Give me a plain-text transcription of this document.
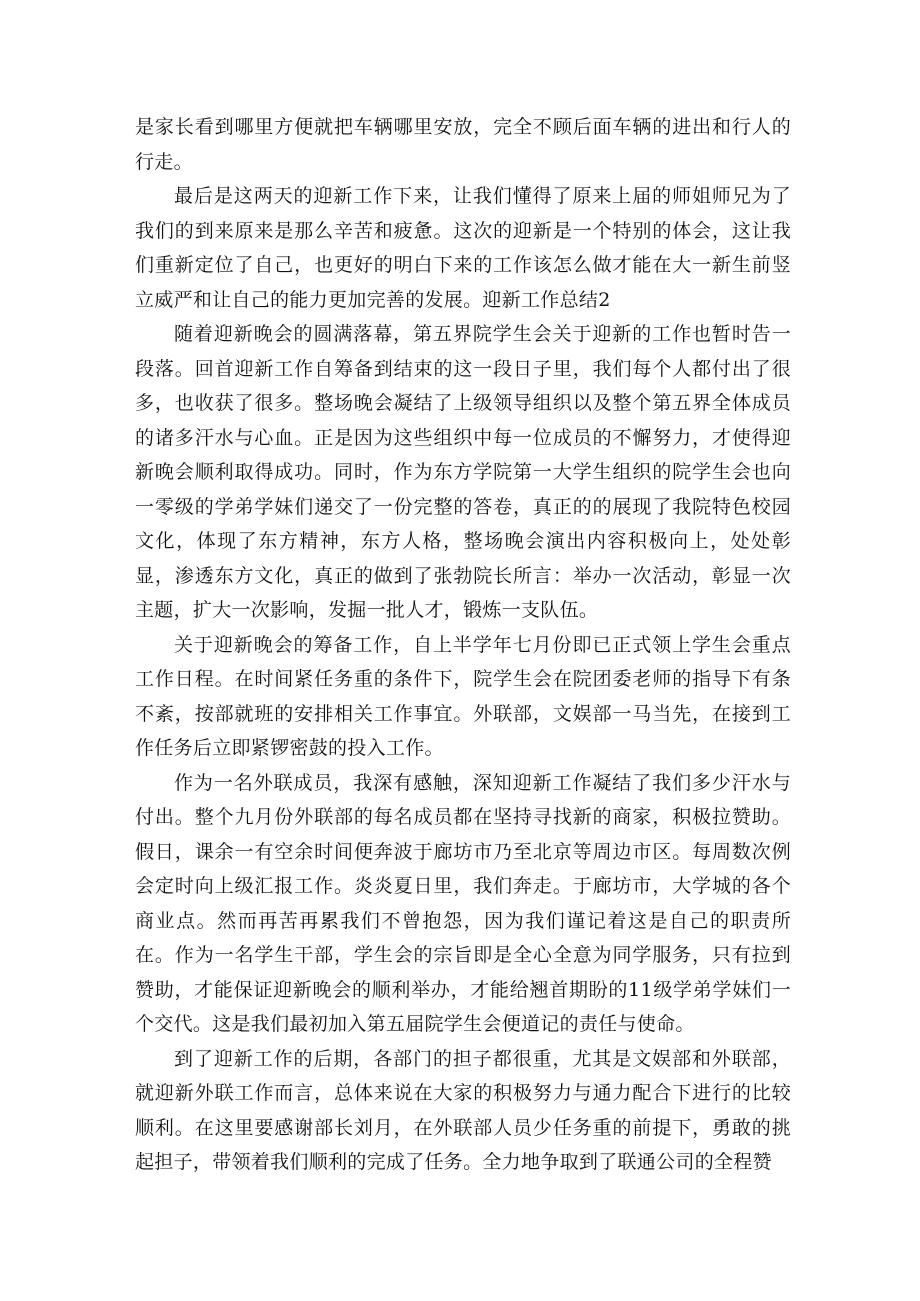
是家长看到哪里方便就把车辆哪里安放，完全不顾后面车辆的进出和行人的行走。

最后是这两天的迎新工作下来，让我们懂得了原来上届的师姐师兄为了我们的到来原来是那么辛苦和疲惫。这次的迎新是一个特别的体会，这让我们重新定位了自己，也更好的明白下来的工作该怎么做才能在大一新生前竖立威严和让自己的能力更加完善的发展。迎新工作总结2

随着迎新晚会的圆满落幕，第五界院学生会关于迎新的工作也暂时告一段落。回首迎新工作自筹备到结束的这一段日子里，我们每个人都付出了很多，也收获了很多。整场晚会凝结了上级领导组织以及整个第五界全体成员的诸多汗水与心血。正是因为这些组织中每一位成员的不懈努力，才使得迎新晚会顺利取得成功。同时，作为东方学院第一大学生组织的院学生会也向一零级的学弟学妹们递交了一份完整的答卷，真正的的展现了我院特色校园文化，体现了东方精神，东方人格，整场晚会演出内容积极向上，处处彰显，渗透东方文化，真正的做到了张勃院长所言：举办一次活动，彰显一次主题，扩大一次影响，发掘一批人才，锻炼一支队伍。

关于迎新晚会的筹备工作，自上半学年七月份即已正式领上学生会重点工作日程。在时间紧任务重的条件下，院学生会在院团委老师的指导下有条不紊，按部就班的安排相关工作事宜。外联部，文娱部一马当先，在接到工作任务后立即紧锣密鼓的投入工作。

作为一名外联成员，我深有感触，深知迎新工作凝结了我们多少汗水与付出。整个九月份外联部的每名成员都在坚持寻找新的商家，积极拉赞助。假日，课余一有空余时间便奔波于廊坊市乃至北京等周边市区。每周数次例会定时向上级汇报工作。炎炎夏日里，我们奔走。于廊坊市，大学城的各个商业点。然而再苦再累我们不曾抱怨，因为我们谨记着这是自己的职责所在。作为一名学生干部，学生会的宗旨即是全心全意为同学服务，只有拉到赞助，才能保证迎新晚会的顺利举办，才能给翘首期盼的11级学弟学妹们一个交代。这是我们最初加入第五届院学生会便道记的责任与使命。

到了迎新工作的后期，各部门的担子都很重，尤其是文娱部和外联部，就迎新外联工作而言，总体来说在大家的积极努力与通力配合下进行的比较顺利。在这里要感谢部长刘月，在外联部人员少任务重的前提下，勇敢的挑起担子，带领着我们顺利的完成了任务。全力地争取到了联通公司的全程赞
